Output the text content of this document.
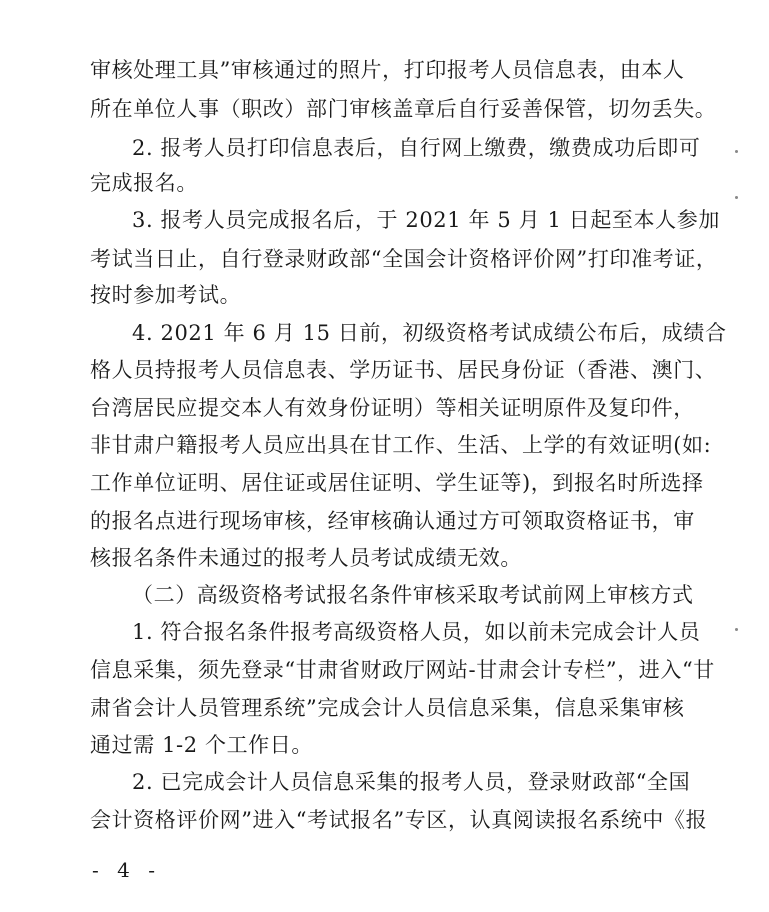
审核处理工具”审核通过的照片，打印报考人员信息表，由本人
所在单位人事（职改）部门审核盖章后自行妥善保管，切勿丢失。
2. 报考人员打印信息表后，自行网上缴费，缴费成功后即可
完成报名。
3. 报考人员完成报名后，于 2021 年 5 月 1 日起至本人参加
考试当日止，自行登录财政部“全国会计资格评价网”打印准考证，
按时参加考试。
4. 2021 年 6 月 15 日前，初级资格考试成绩公布后，成绩合
格人员持报考人员信息表、学历证书、居民身份证（香港、澳门、
台湾居民应提交本人有效身份证明）等相关证明原件及复印件，
非甘肃户籍报考人员应出具在甘工作、生活、上学的有效证明(如:
工作单位证明、居住证或居住证明、学生证等)，到报名时所选择
的报名点进行现场审核，经审核确认通过方可领取资格证书，审
核报名条件未通过的报考人员考试成绩无效。
（二）高级资格考试报名条件审核采取考试前网上审核方式
1. 符合报名条件报考高级资格人员，如以前未完成会计人员
信息采集，须先登录“甘肃省财政厅网站-甘肃会计专栏”，进入“甘
肃省会计人员管理系统”完成会计人员信息采集，信息采集审核
通过需 1-2 个工作日。
2. 已完成会计人员信息采集的报考人员，登录财政部“全国
会计资格评价网”进入“考试报名”专区，认真阅读报名系统中《报
- 4 -
